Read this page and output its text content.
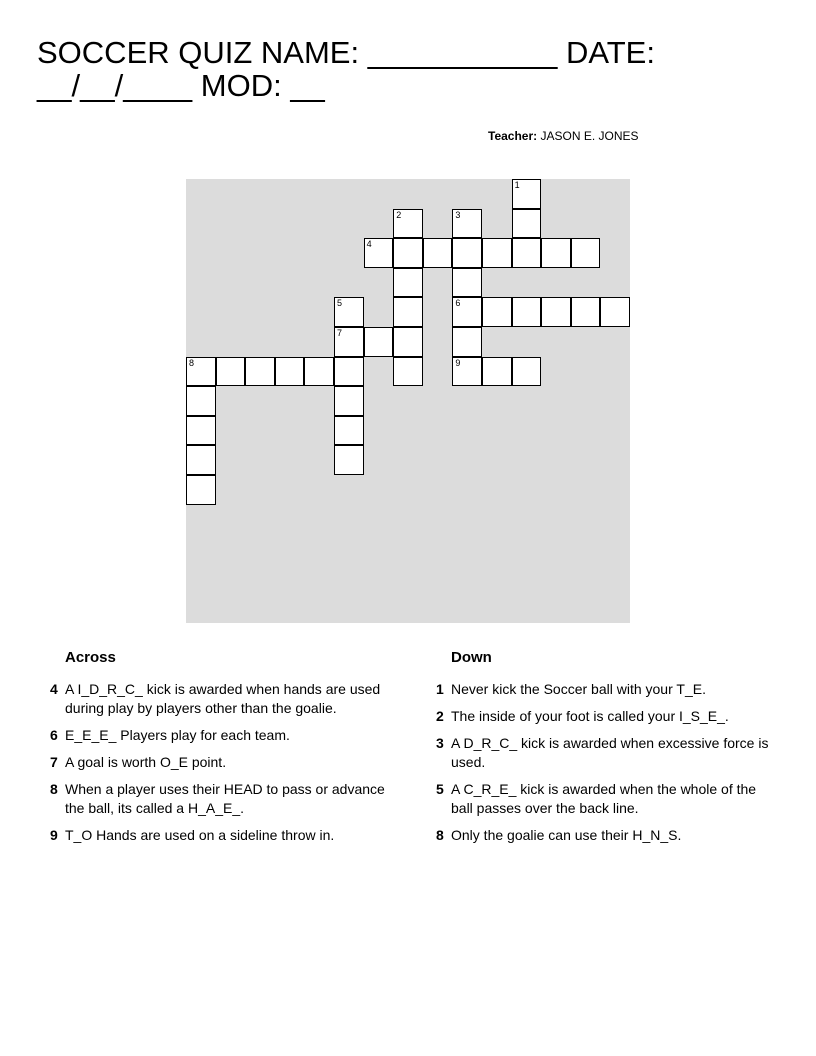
SOCCER QUIZ NAME: ___________ DATE: __/__/____ MOD: __
Teacher: JASON E. JONES
1
2	3
4
5	6
7
8	9
Across	Down
4 A I_D_R_C_ kick is awarded when hands are used during play by players other than the goalie.
6 E_E_E_ Players play for each team.
7 A goal is worth O_E point.
8 When a player uses their HEAD to pass or advance the ball, its called a H_A_E_.
9 T_O Hands are used on a sideline throw in.
1 Never kick the Soccer ball with your T_E.
2 The inside of your foot is called your I_S_E_.
3 A D_R_C_ kick is awarded when excessive force is used.
5 A C_R_E_ kick is awarded when the whole of the ball passes over the back line.
8 Only the goalie can use their H_N_S.
